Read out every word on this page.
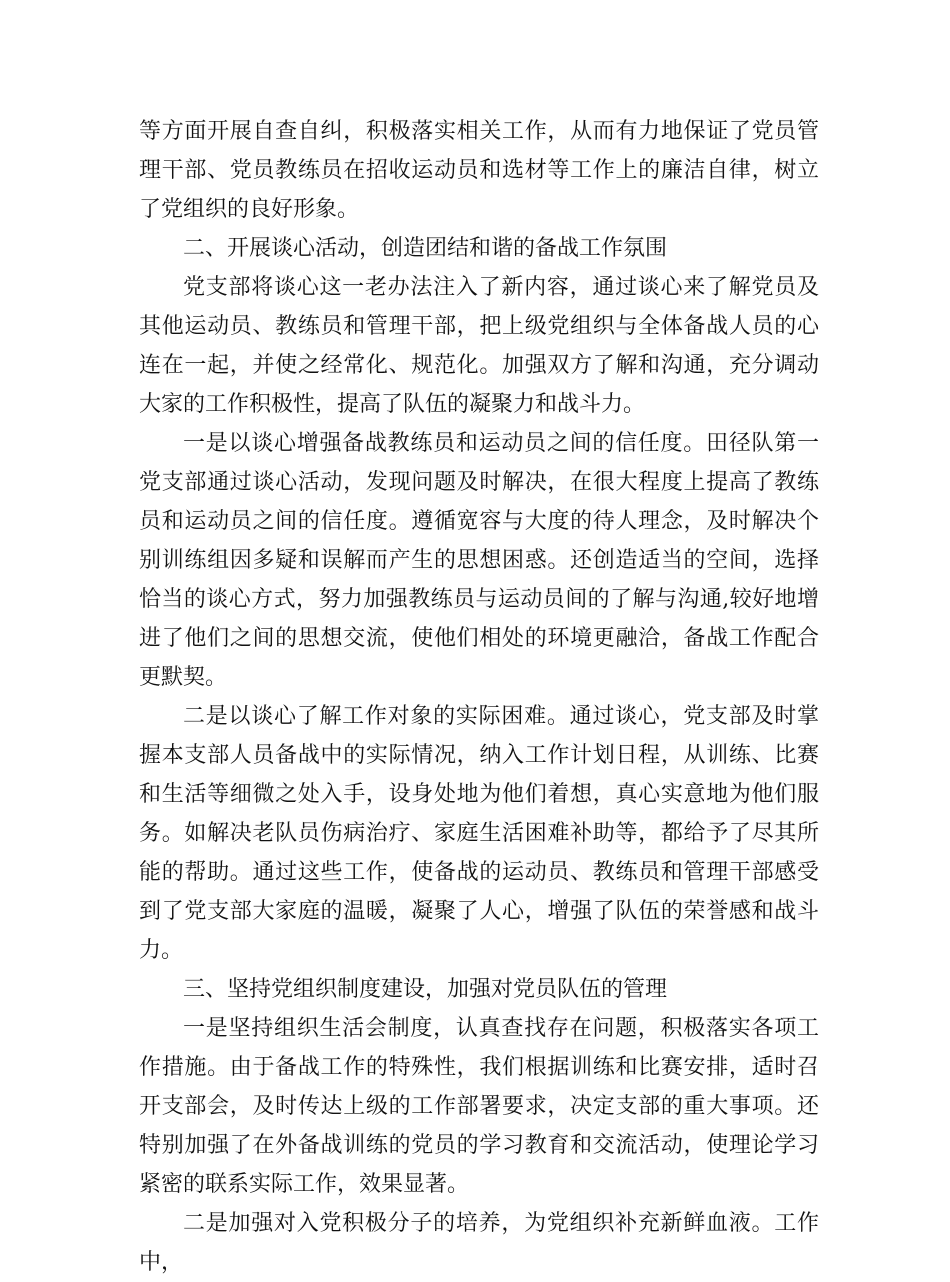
等方面开展自查自纠，积极落实相关工作，从而有力地保证了党员管理干部、党员教练员在招收运动员和选材等工作上的廉洁自律，树立了党组织的良好形象。

二、开展谈心活动，创造团结和谐的备战工作氛围

党支部将谈心这一老办法注入了新内容，通过谈心来了解党员及其他运动员、教练员和管理干部，把上级党组织与全体备战人员的心连在一起，并使之经常化、规范化。加强双方了解和沟通，充分调动大家的工作积极性，提高了队伍的凝聚力和战斗力。

一是以谈心增强备战教练员和运动员之间的信任度。田径队第一党支部通过谈心活动，发现问题及时解决，在很大程度上提高了教练员和运动员之间的信任度。遵循宽容与大度的待人理念，及时解决个别训练组因多疑和误解而产生的思想困惑。还创造适当的空间，选择恰当的谈心方式，努力加强教练员与运动员间的了解与沟通,较好地增进了他们之间的思想交流，使他们相处的环境更融洽，备战工作配合更默契。

二是以谈心了解工作对象的实际困难。通过谈心，党支部及时掌握本支部人员备战中的实际情况，纳入工作计划日程，从训练、比赛和生活等细微之处入手，设身处地为他们着想，真心实意地为他们服务。如解决老队员伤病治疗、家庭生活困难补助等，都给予了尽其所能的帮助。通过这些工作，使备战的运动员、教练员和管理干部感受到了党支部大家庭的温暖，凝聚了人心，增强了队伍的荣誉感和战斗力。

三、坚持党组织制度建设，加强对党员队伍的管理

一是坚持组织生活会制度，认真查找存在问题，积极落实各项工作措施。由于备战工作的特殊性，我们根据训练和比赛安排，适时召开支部会，及时传达上级的工作部署要求，决定支部的重大事项。还特别加强了在外备战训练的党员的学习教育和交流活动，使理论学习紧密的联系实际工作，效果显著。

二是加强对入党积极分子的培养，为党组织补充新鲜血液。工作中，
